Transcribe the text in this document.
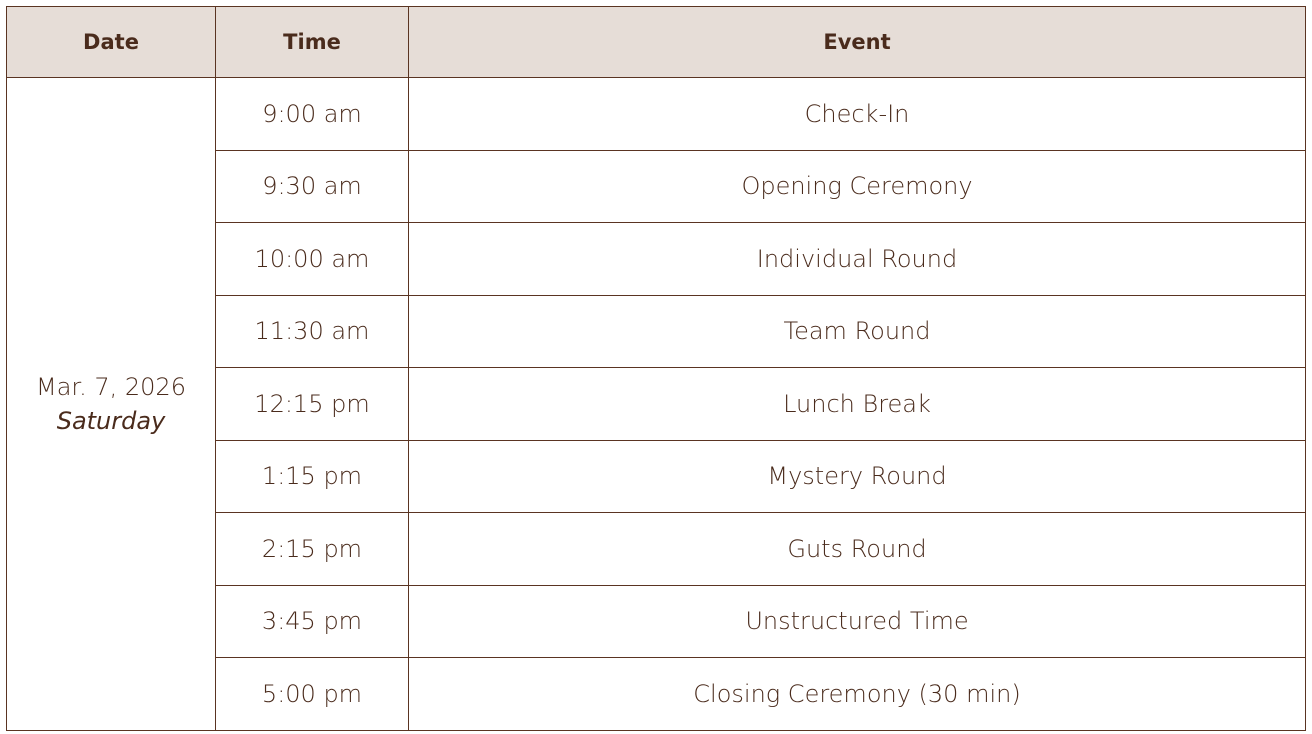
Date	Time	Event

Mar. 7, 2026
Saturday	9:00 am	Check-In
	9:30 am	Opening Ceremony
	10:00 am	Individual Round
	11:30 am	Team Round
	12:15 pm	Lunch Break
	1:15 pm	Mystery Round
	2:15 pm	Guts Round
	3:45 pm	Unstructured Time
	5:00 pm	Closing Ceremony (30 min)
